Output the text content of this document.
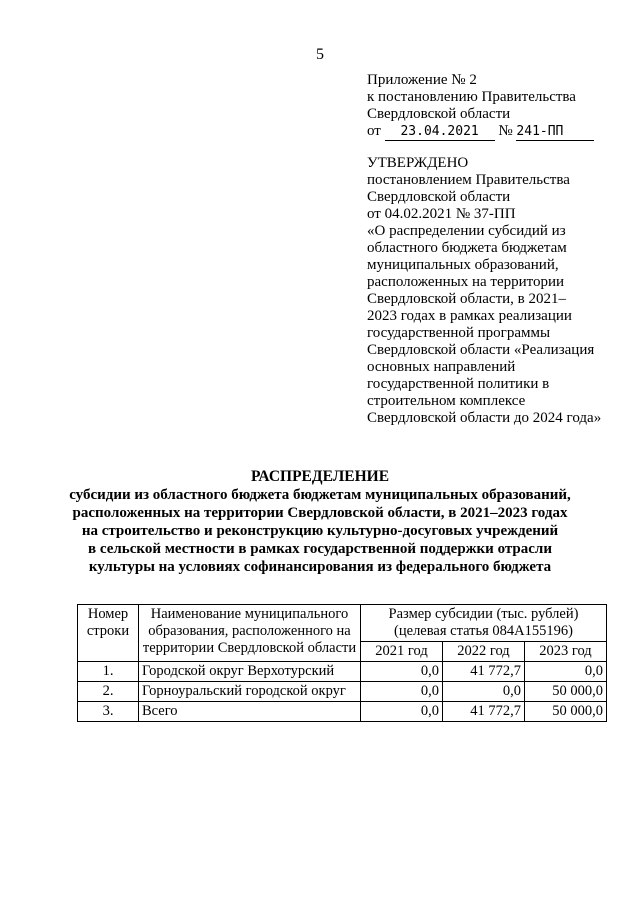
5
Приложение № 2
к постановлению Правительства
Свердловской области
от 23.04.2021 № 241-ПП
УТВЕРЖДЕНО
постановлением Правительства
Свердловской области
от 04.02.2021 № 37-ПП
«О распределении субсидий из
областного бюджета бюджетам
муниципальных образований,
расположенных на территории
Свердловской области, в 2021–
2023 годах в рамках реализации
государственной программы
Свердловской области «Реализация
основных направлений
государственной политики в
строительном комплексе
Свердловской области до 2024 года»
РАСПРЕДЕЛЕНИЕ
субсидии из областного бюджета бюджетам муниципальных образований,
расположенных на территории Свердловской области, в 2021–2023 годах
на строительство и реконструкцию культурно-досуговых учреждений
в сельской местности в рамках государственной поддержки отрасли
культуры на условиях софинансирования из федерального бюджета
Номер строки	Наименование муниципального образования, расположенного на территории Свердловской области	Размер субсидии (тыс. рублей)
(целевая статья 084А155196)		

		2021 год	2022 год	2023 год
1.	Городской округ Верхотурский	0,0	41 772,7	0,0
2.	Горноуральский городской округ	0,0	0,0	50 000,0
3.	Всего	0,0	41 772,7	50 000,0
